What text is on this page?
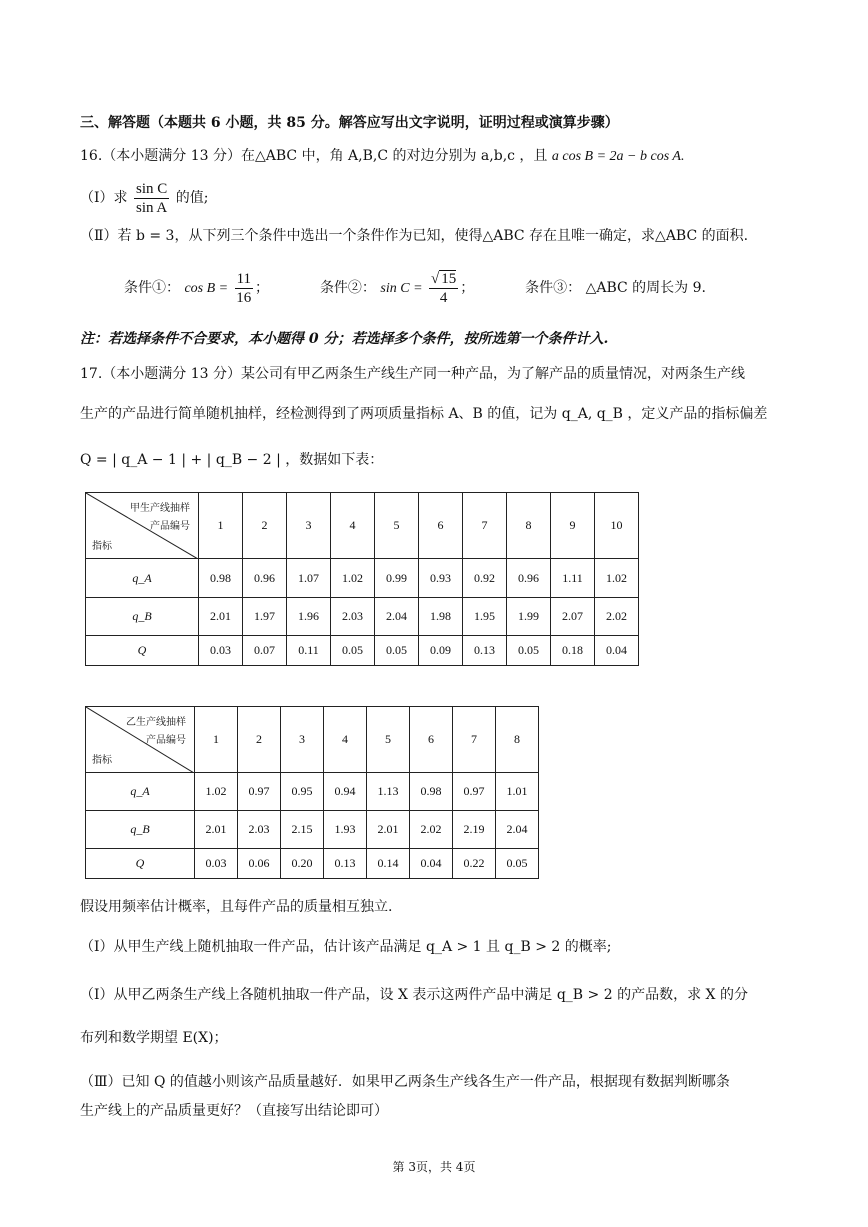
三、解答题（本题共 6 小题，共 85 分。解答应写出文字说明，证明过程或演算步骤）
16.（本小题满分 13 分）在△ABC 中，角 A,B,C 的对边分别为 a,b,c ，且 a cos B = 2a − b cos A.
（Ⅰ）求 $\frac{\text{sin C}}{\text{sin A}}$ 的值;
（Ⅱ）若 b = 3，从下列三个条件中选出一个条件作为已知，使得△ABC 存在且唯一确定，求△ABC 的面积.
条件①： $\cos B = \frac{11}{16}$ ；	条件②： $\sin C = \frac{√ 15}{4}$ ；	条件③： △ABC 的周长为 9.
注：若选择条件不合要求，本小题得 0 分；若选择多个条件，按所选第一个条件计入.
17.（本小题满分 13 分）某公司有甲乙两条生产线生产同一种产品，为了解产品的质量情况，对两条生产线
生产的产品进行简单随机抽样，经检测得到了两项质量指标 A、B 的值，记为 q_A, q_B ，定义产品的指标偏差
Q = | q_A − 1 | + | q_B − 2 | ，数据如下表：
甲生产线抽样
产品编号
指标	1	2	3	4	5	6	7	8	9	10
q_A	0.98	0.96	1.07	1.02	0.99	0.93	0.92	0.96	1.11	1.02
q_B	2.01	1.97	1.96	2.03	2.04	1.98	1.95	1.99	2.07	2.02
Q	0.03	0.07	0.11	0.05	0.05	0.09	0.13	0.05	0.18	0.04
乙生产线抽样
产品编号
指标	1	2	3	4	5	6	7	8
q_A	1.02	0.97	0.95	0.94	1.13	0.98	0.97	1.01
q_B	2.01	2.03	2.15	1.93	2.01	2.02	2.19	2.04
Q	0.03	0.06	0.20	0.13	0.14	0.04	0.22	0.05
假设用频率估计概率，且每件产品的质量相互独立.
（Ⅰ）从甲生产线上随机抽取一件产品，估计该产品满足 q_A > 1 且 q_B > 2 的概率;
（Ⅰ）从甲乙两条生产线上各随机抽取一件产品，设 X 表示这两件产品中满足 q_B > 2 的产品数，求 X 的分
布列和数学期望 E(X)；
（Ⅲ）已知 Q 的值越小则该产品质量越好．如果甲乙两条生产线各生产一件产品，根据现有数据判断哪条
生产线上的产品质量更好？（直接写出结论即可）
第 3页，共 4页
